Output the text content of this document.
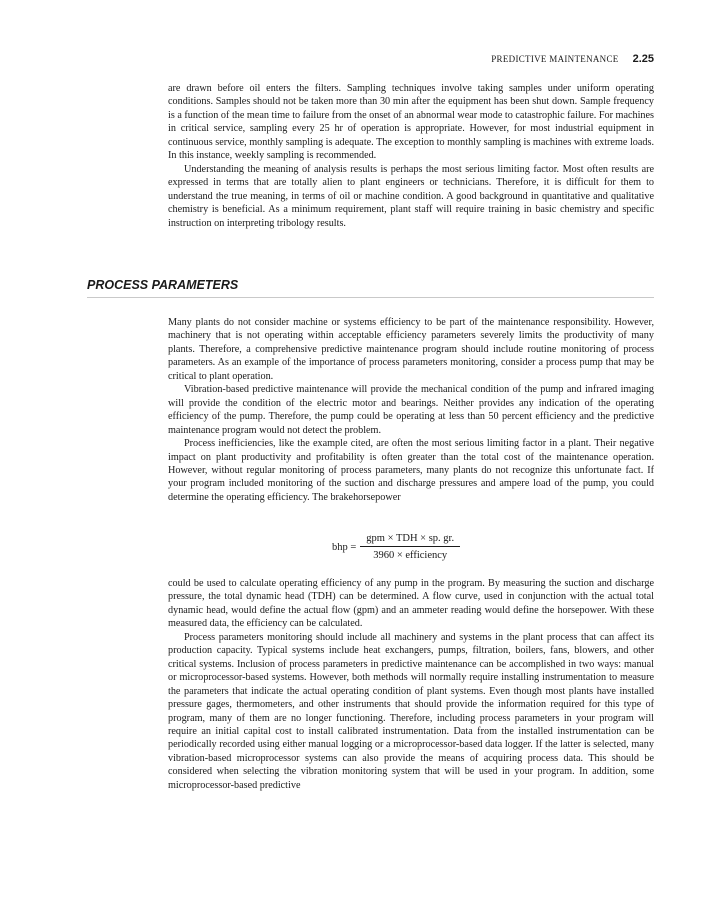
PREDICTIVE MAINTENANCE 2.25

are drawn before oil enters the filters. Sampling techniques involve taking samples under uniform operating conditions. Samples should not be taken more than 30 min after the equipment has been shut down. Sample frequency is a function of the mean time to failure from the onset of an abnormal wear mode to catastrophic failure. For machines in critical service, sampling every 25 hr of operation is appropriate. However, for most industrial equipment in continuous service, monthly sampling is adequate. The exception to monthly sampling is machines with extreme loads. In this instance, weekly sampling is recommended.

Understanding the meaning of analysis results is perhaps the most serious limiting factor. Most often results are expressed in terms that are totally alien to plant engineers or technicians. Therefore, it is difficult for them to understand the true meaning, in terms of oil or machine condition. A good background in quantitative and qualitative chemistry is beneficial. As a minimum requirement, plant staff will require training in basic chemistry and specific instruction on interpreting tribology results.

PROCESS PARAMETERS

Many plants do not consider machine or systems efficiency to be part of the maintenance responsibility. However, machinery that is not operating within acceptable efficiency parameters severely limits the productivity of many plants. Therefore, a comprehensive predictive maintenance program should include routine monitoring of process parameters. As an example of the importance of process parameters monitoring, consider a process pump that may be critical to plant operation.

Vibration-based predictive maintenance will provide the mechanical condition of the pump and infrared imaging will provide the condition of the electric motor and bearings. Neither provides any indication of the operating efficiency of the pump. Therefore, the pump could be operating at less than 50 percent efficiency and the predictive maintenance program would not detect the problem.

Process inefficiencies, like the example cited, are often the most serious limiting factor in a plant. Their negative impact on plant productivity and profitability is often greater than the total cost of the maintenance operation. However, without regular monitoring of process parameters, many plants do not recognize this unfortunate fact. If your program included monitoring of the suction and discharge pressures and ampere load of the pump, you could determine the operating efficiency. The brakehorsepower

bhp = $\frac{\text{gpm × TDH × sp. gr.}}{\text{3960 × efficiency}}$

could be used to calculate operating efficiency of any pump in the program. By measuring the suction and discharge pressure, the total dynamic head (TDH) can be determined. A flow curve, used in conjunction with the actual total dynamic head, would define the actual flow (gpm) and an ammeter reading would define the horsepower. With these measured data, the efficiency can be calculated.

Process parameters monitoring should include all machinery and systems in the plant process that can affect its production capacity. Typical systems include heat exchangers, pumps, filtration, boilers, fans, blowers, and other critical systems. Inclusion of process parameters in predictive maintenance can be accomplished in two ways: manual or microprocessor-based systems. However, both methods will normally require installing instrumentation to measure the parameters that indicate the actual operating condition of plant systems. Even though most plants have installed pressure gages, thermometers, and other instruments that should provide the information required for this type of program, many of them are no longer functioning. Therefore, including process parameters in your program will require an initial capital cost to install calibrated instrumentation. Data from the installed instrumentation can be periodically recorded using either manual logging or a microprocessor-based data logger. If the latter is selected, many vibration-based microprocessor systems can also provide the means of acquiring process data. This should be considered when selecting the vibration monitoring system that will be used in your program. In addition, some microprocessor-based predictive
